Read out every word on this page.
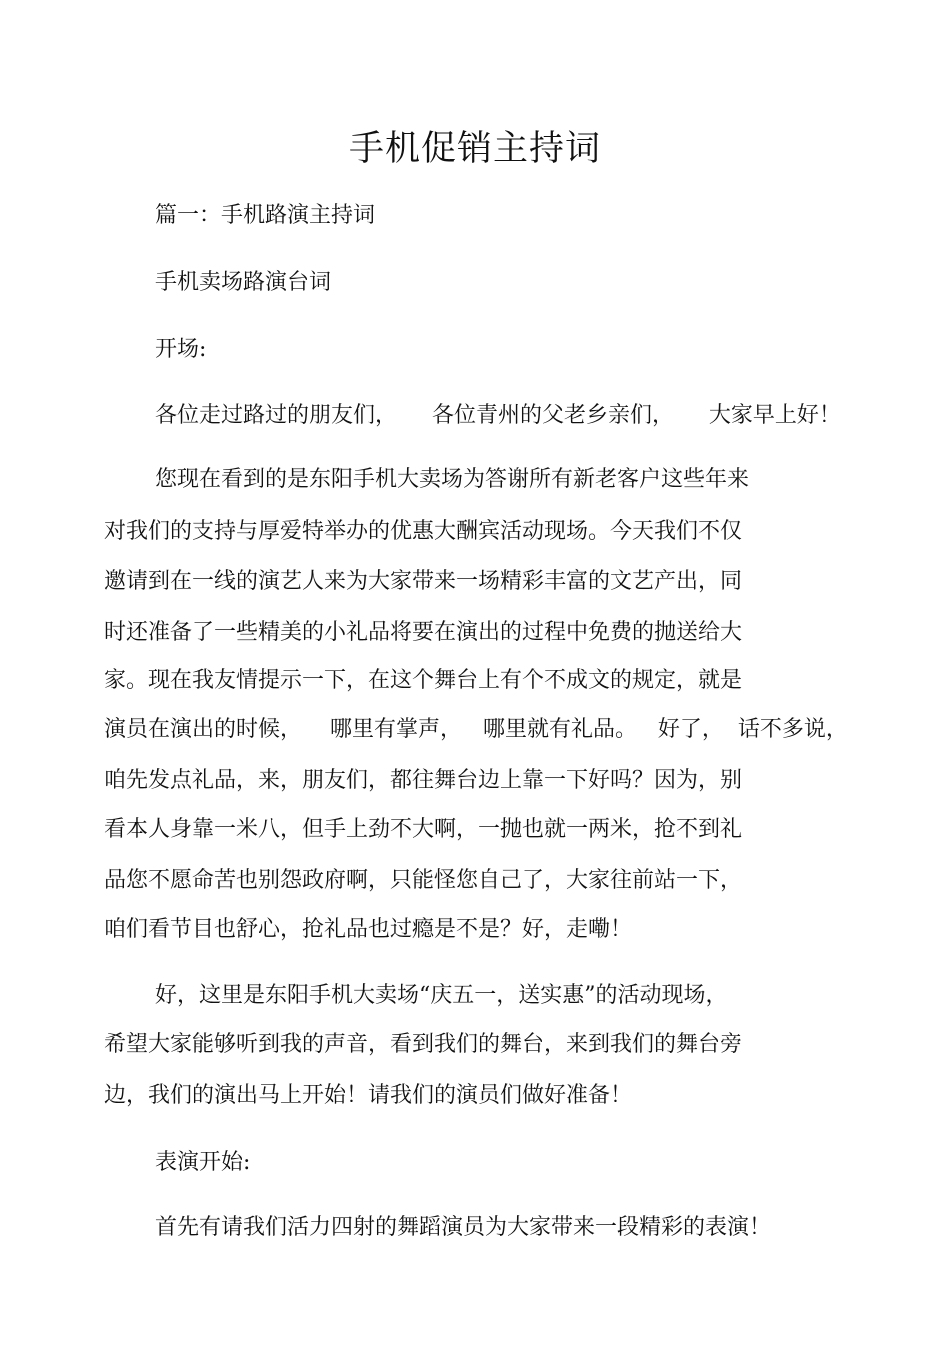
手机促销主持词
篇一：手机路演主持词
手机卖场路演台词
开场:
各位走过路过的朋友们，     各位青州的父老乡亲们，     大家早上好！
您现在看到的是东阳手机大卖场为答谢所有新老客户这些年来
对我们的支持与厚爱特举办的优惠大酬宾活动现场。今天我们不仅
邀请到在一线的演艺人来为大家带来一场精彩丰富的文艺产出，同
时还准备了一些精美的小礼品将要在演出的过程中免费的抛送给大
家。现在我友情提示一下，在这个舞台上有个不成文的规定，就是
演员在演出的时候，    哪里有掌声，   哪里就有礼品。   好了，  话不多说，
咱先发点礼品，来，朋友们，都往舞台边上靠一下好吗？因为，别
看本人身靠一米八，但手上劲不大啊，一抛也就一两米，抢不到礼
品您不愿命苦也别怨政府啊，只能怪您自己了，大家往前站一下，
咱们看节目也舒心，抢礼品也过瘾是不是？好，走嘞！
好，这里是东阳手机大卖场“庆五一，送实惠”的活动现场，
希望大家能够听到我的声音，看到我们的舞台，来到我们的舞台旁
边，我们的演出马上开始！请我们的演员们做好准备！
表演开始:
首先有请我们活力四射的舞蹈演员为大家带来一段精彩的表演！
